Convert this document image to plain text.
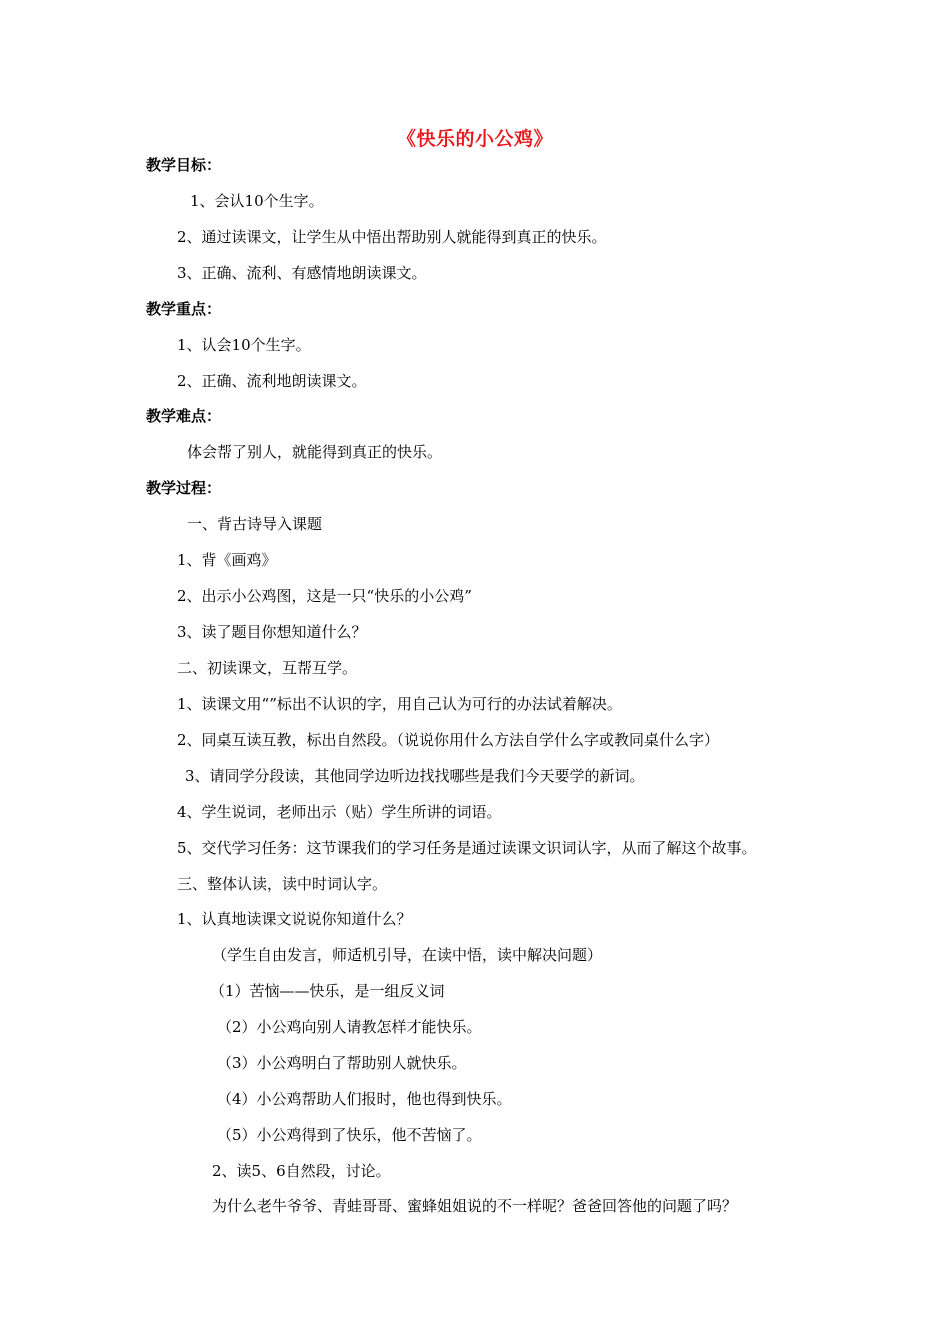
《快乐的小公鸡》
教学目标：
1、会认10个生字。
2、通过读课文，让学生从中悟出帮助别人就能得到真正的快乐。
3、正确、流利、有感情地朗读课文。
教学重点：
1、认会10个生字。
2、正确、流利地朗读课文。
教学难点：
体会帮了别人，就能得到真正的快乐。
教学过程：
一、背古诗导入课题
1、背《画鸡》
2、出示小公鸡图，这是一只“快乐的小公鸡”
3、读了题目你想知道什么？
二、初读课文，互帮互学。
1、读课文用“”标出不认识的字，用自己认为可行的办法试着解决。
2、同桌互读互教，标出自然段。（说说你用什么方法自学什么字或教同桌什么字）
3、请同学分段读，其他同学边听边找找哪些是我们今天要学的新词。
4、学生说词，老师出示（贴）学生所讲的词语。
5、交代学习任务：这节课我们的学习任务是通过读课文识词认字，从而了解这个故事。
三、整体认读，读中时词认字。
1、认真地读课文说说你知道什么？
（学生自由发言，师适机引导，在读中悟，读中解决问题）
（1）苦恼——快乐，是一组反义词
（2）小公鸡向别人请教怎样才能快乐。
（3）小公鸡明白了帮助别人就快乐。
（4）小公鸡帮助人们报时，他也得到快乐。
（5）小公鸡得到了快乐，他不苦恼了。
2、读5、6自然段，讨论。
为什么老牛爷爷、青蛙哥哥、蜜蜂姐姐说的不一样呢？爸爸回答他的问题了吗？
